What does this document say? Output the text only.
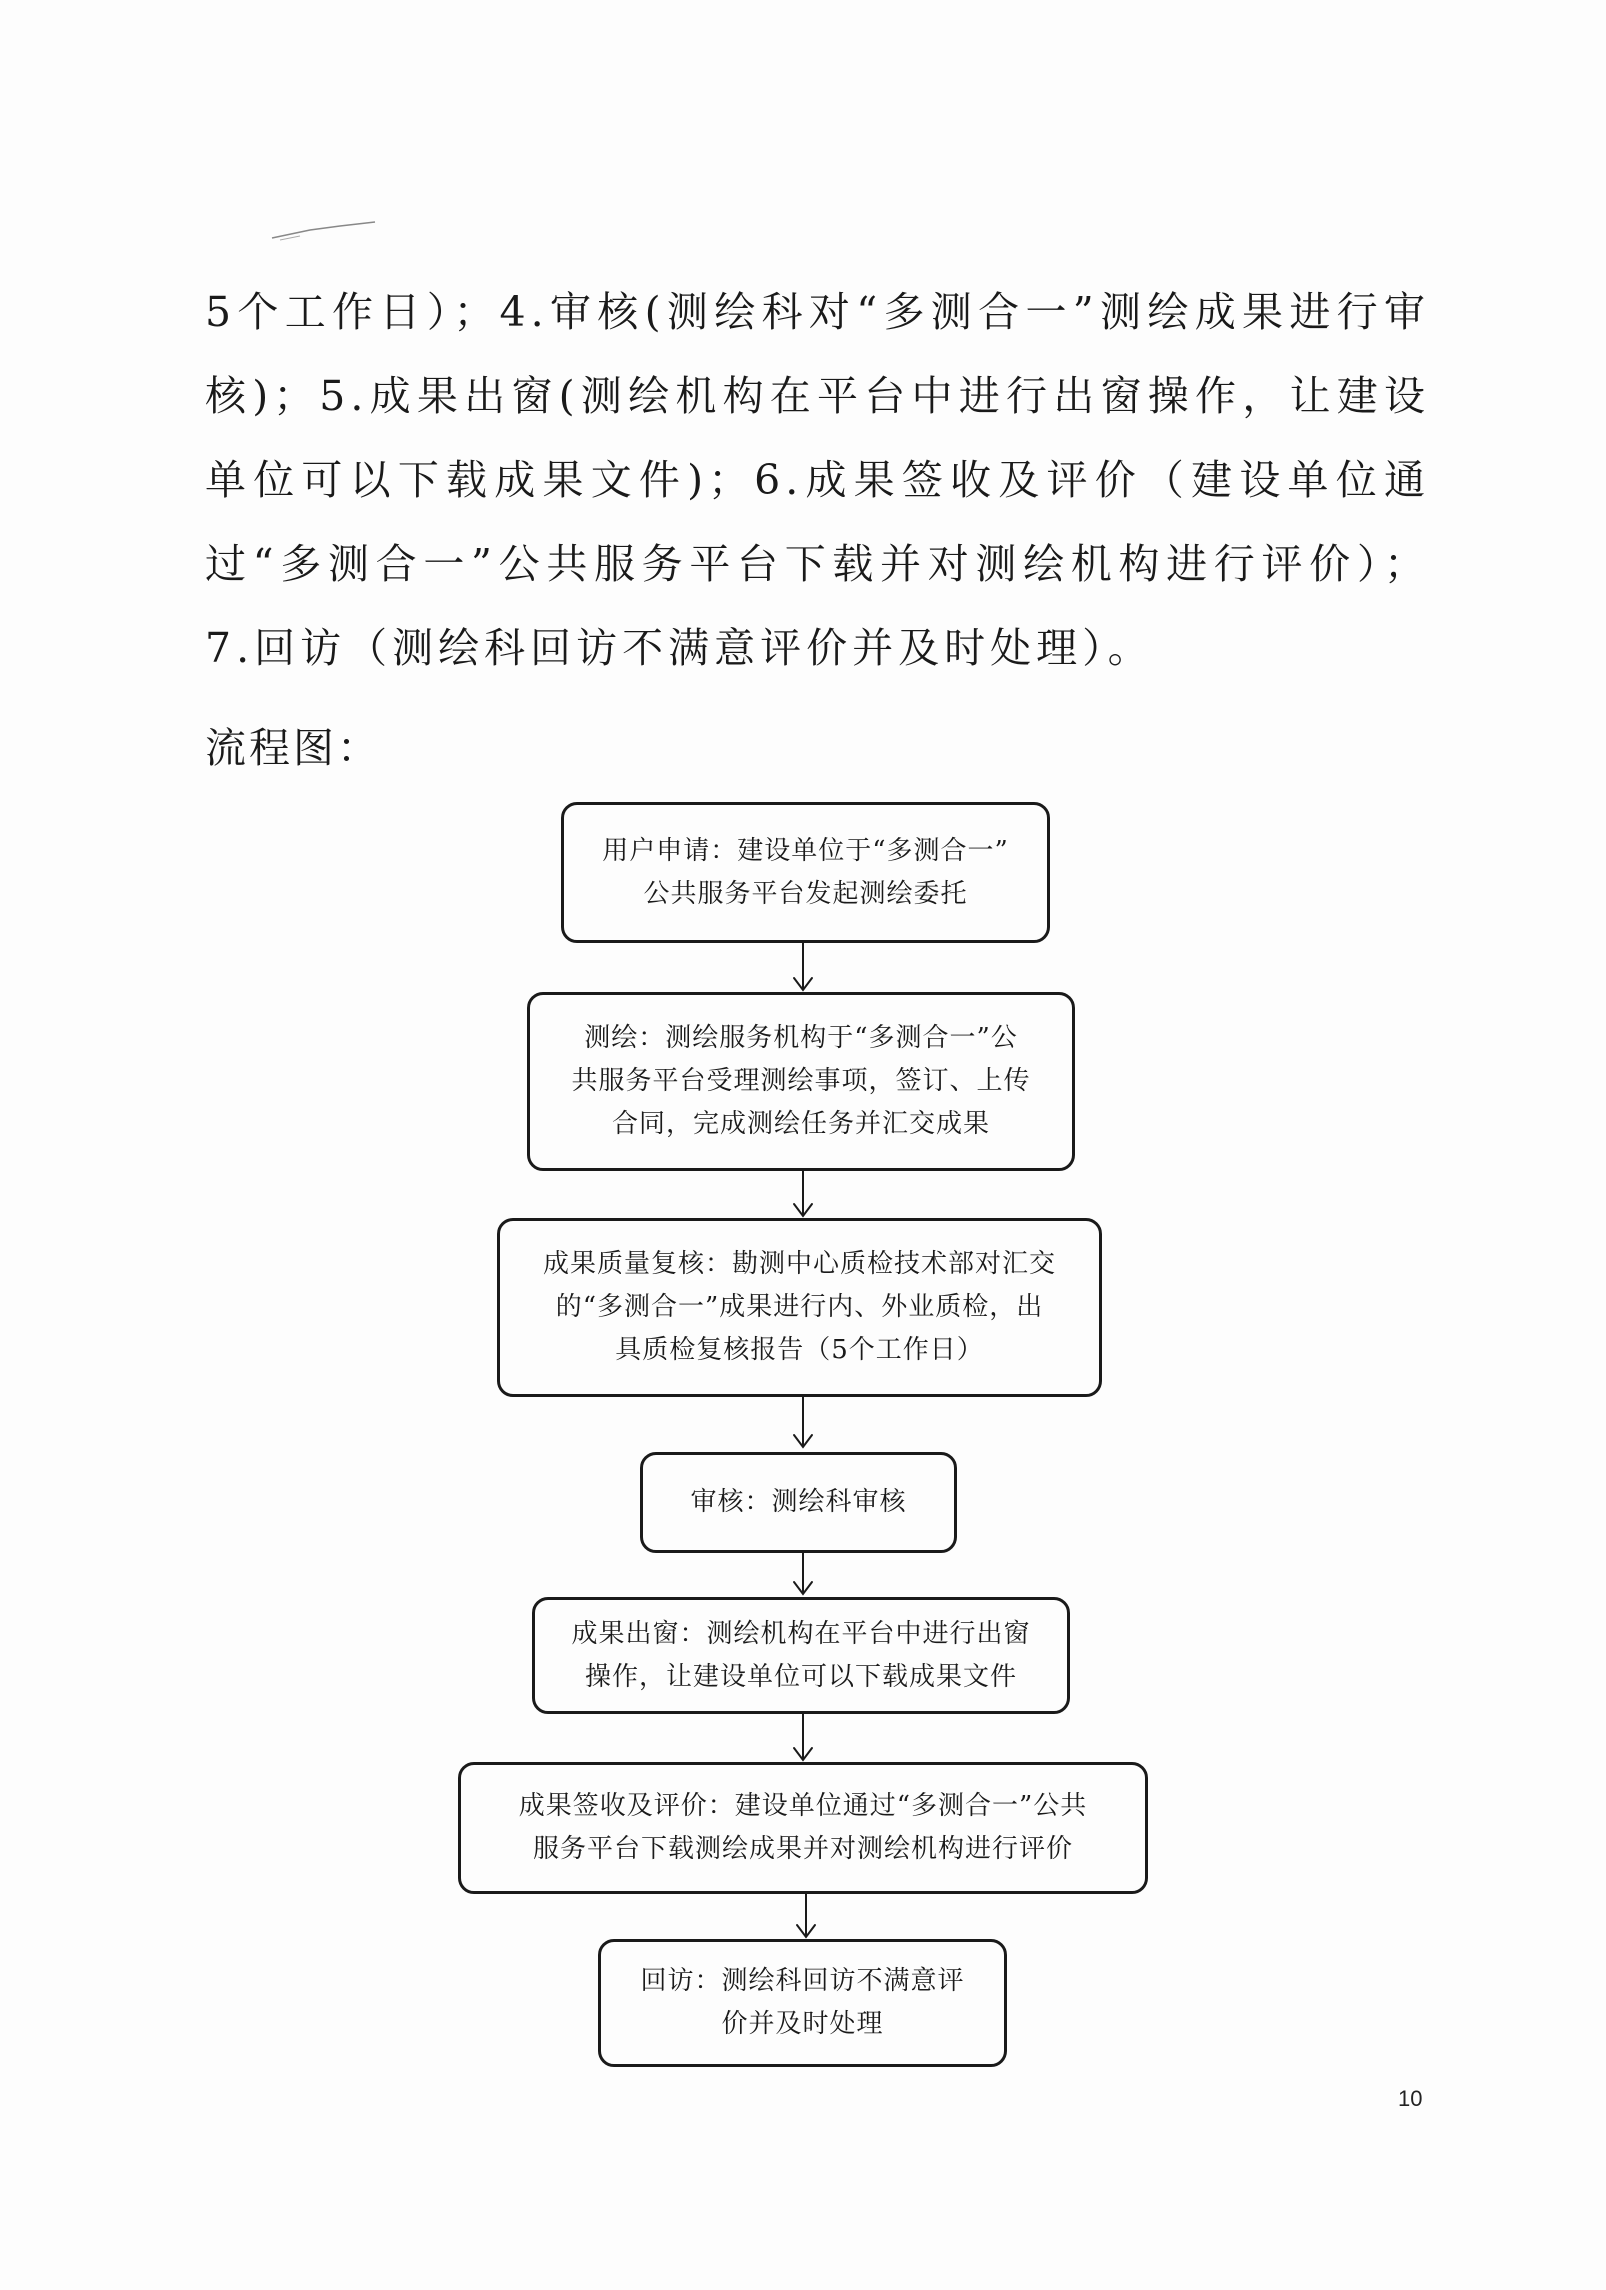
5个工作日）；4.审核(测绘科对“多测合一”测绘成果进行审核)；5.成果出窗(测绘机构在平台中进行出窗操作，让建设单位可以下载成果文件)；6.成果签收及评价（建设单位通过“多测合一”公共服务平台下载并对测绘机构进行评价）；7.回访（测绘科回访不满意评价并及时处理）。

流程图：

用户申请：建设单位于“多测合一”
公共服务平台发起测绘委托
测绘：测绘服务机构于“多测合一”公
共服务平台受理测绘事项，签订、上传
合同，完成测绘任务并汇交成果
成果质量复核：勘测中心质检技术部对汇交
的“多测合一”成果进行内、外业质检，出
具质检复核报告（5个工作日）
审核：测绘科审核
成果出窗：测绘机构在平台中进行出窗
操作，让建设单位可以下载成果文件
成果签收及评价：建设单位通过“多测合一”公共
服务平台下载测绘成果并对测绘机构进行评价
回访：测绘科回访不满意评
价并及时处理
10
